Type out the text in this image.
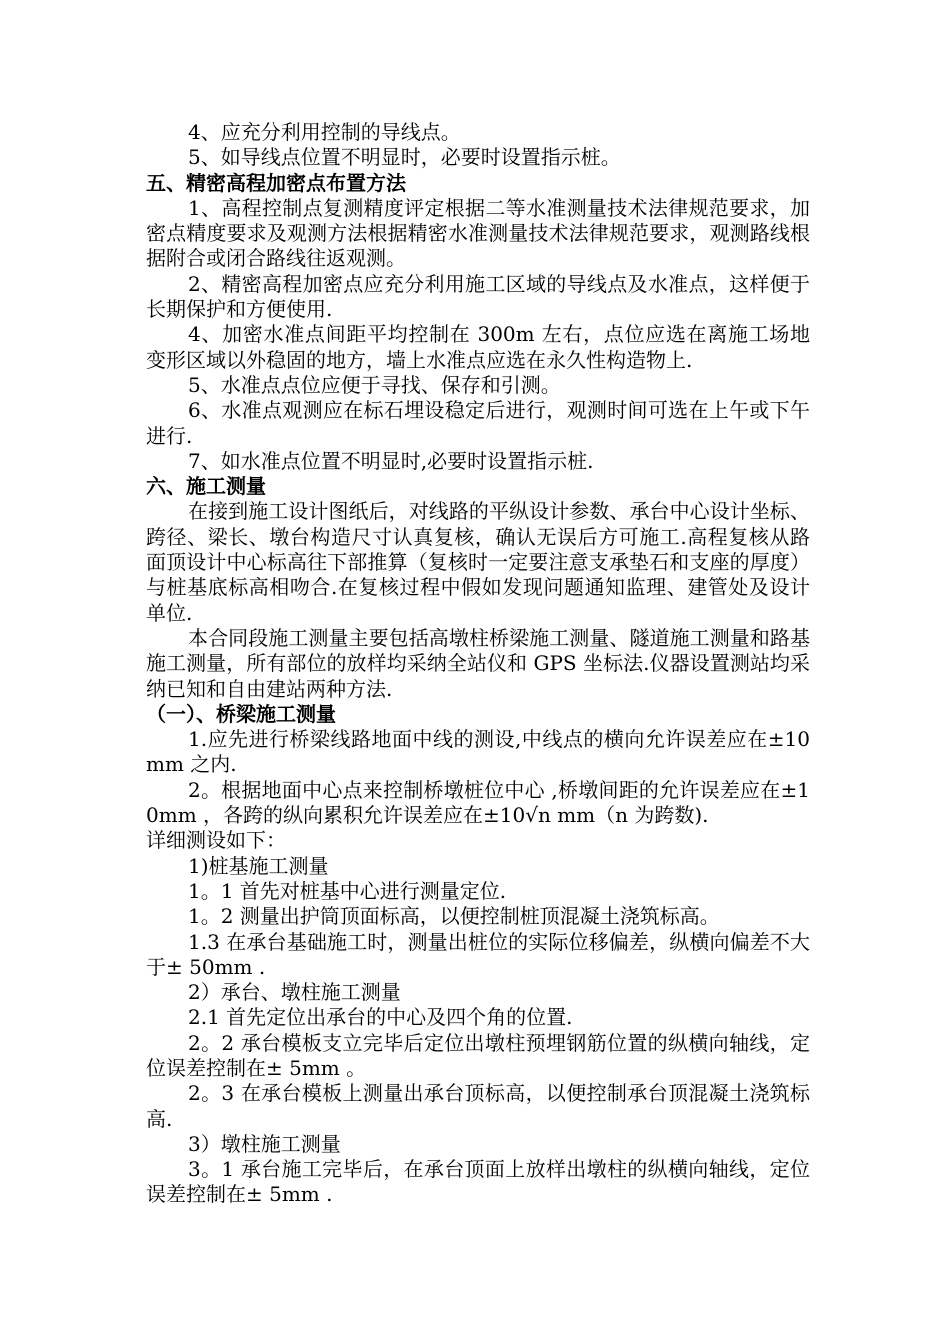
4、应充分利用控制的导线点。

5、如导线点位置不明显时，必要时设置指示桩。

五、精密高程加密点布置方法

1、高程控制点复测精度评定根据二等水准测量技术法律规范要求，加密点精度要求及观测方法根据精密水准测量技术法律规范要求，观测路线根据附合或闭合路线往返观测。

2、精密高程加密点应充分利用施工区域的导线点及水准点，这样便于长期保护和方便使用.

4、加密水准点间距平均控制在 300m 左右，点位应选在离施工场地变形区域以外稳固的地方，墙上水准点应选在永久性构造物上.

5、水准点点位应便于寻找、保存和引测。

6、水准点观测应在标石埋设稳定后进行，观测时间可选在上午或下午进行.

7、如水准点位置不明显时,必要时设置指示桩.

六、施工测量

在接到施工设计图纸后，对线路的平纵设计参数、承台中心设计坐标、跨径、梁长、墩台构造尺寸认真复核，确认无误后方可施工.高程复核从路面顶设计中心标高往下部推算（复核时一定要注意支承垫石和支座的厚度）与桩基底标高相吻合.在复核过程中假如发现问题通知监理、建管处及设计单位.

本合同段施工测量主要包括高墩柱桥梁施工测量、隧道施工测量和路基施工测量，所有部位的放样均采纳全站仪和 GPS 坐标法.仪器设置测站均采纳已知和自由建站两种方法.

（一）、桥梁施工测量

1.应先进行桥梁线路地面中线的测设,中线点的横向允许误差应在±10mm 之内.

2。根据地面中心点来控制桥墩桩位中心 ,桥墩间距的允许误差应在±10mm ，各跨的纵向累积允许误差应在±10√n mm（n 为跨数).

详细测设如下：

1)桩基施工测量

1。1 首先对桩基中心进行测量定位.

1。2 测量出护筒顶面标高，以便控制桩顶混凝土浇筑标高。

1.3 在承台基础施工时，测量出桩位的实际位移偏差，纵横向偏差不大于± 50mm .

2）承台、墩柱施工测量

2.1 首先定位出承台的中心及四个角的位置.

2。2 承台模板支立完毕后定位出墩柱预埋钢筋位置的纵横向轴线，定位误差控制在± 5mm 。

2。3 在承台模板上测量出承台顶标高，以便控制承台顶混凝土浇筑标高.

3）墩柱施工测量

3。1 承台施工完毕后，在承台顶面上放样出墩柱的纵横向轴线，定位误差控制在± 5mm .
